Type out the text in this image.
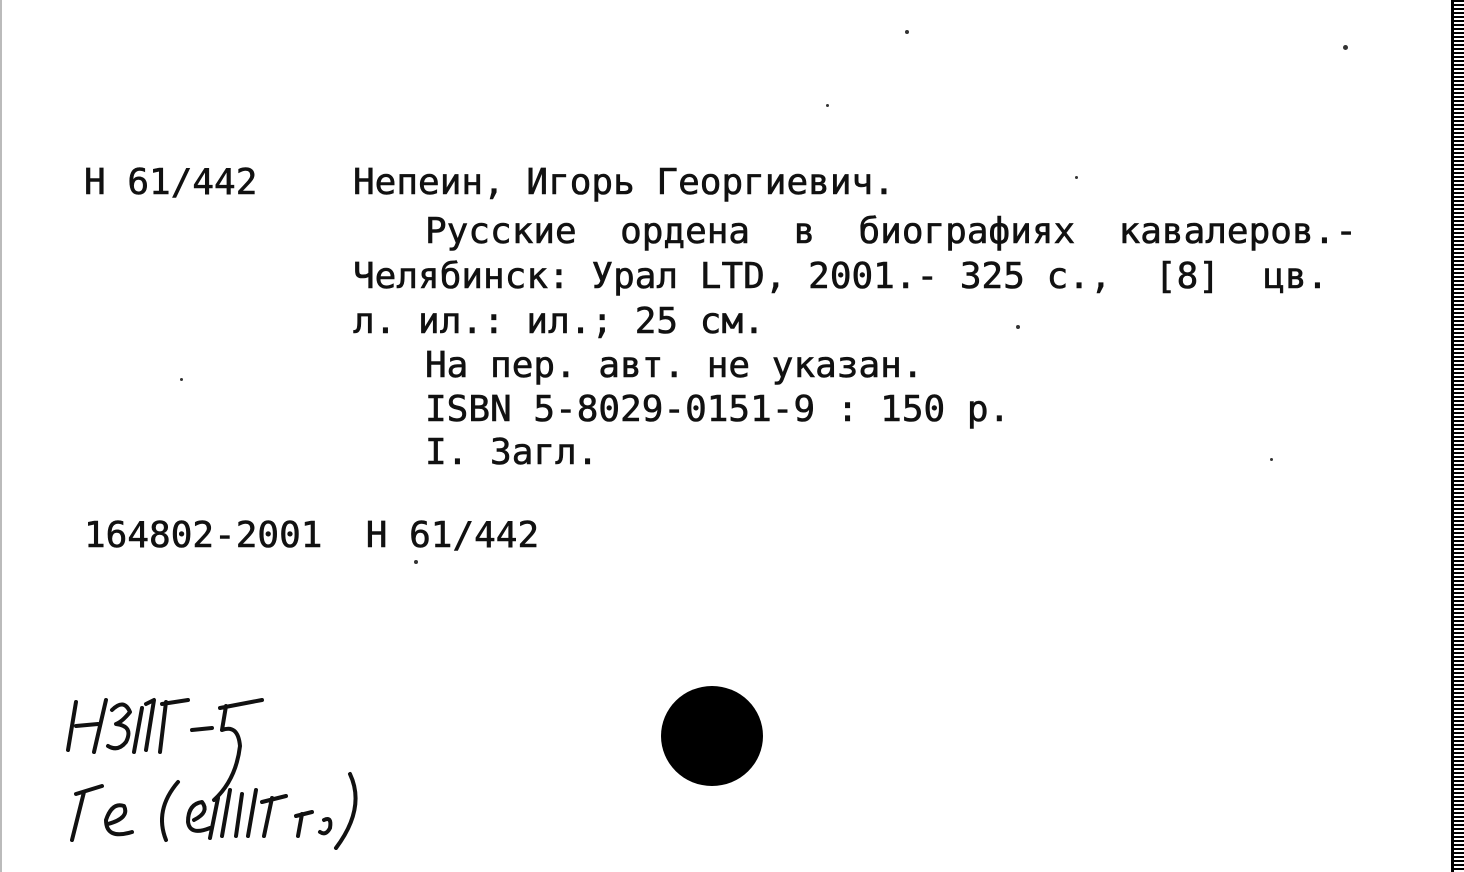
Н 61/442	Непеин, Игорь Георгиевич.
Русские  ордена  в  биографиях  кавалеров.-
Челябинск: Урал LTD, 2001.- 325 с.,  [8]  цв.
л. ил.: ил.; 25 см.
На пер. авт. не указан.
ISBN 5-8029-0151-9 : 150 р.
I. Загл.
164802-2001  Н 61/442
